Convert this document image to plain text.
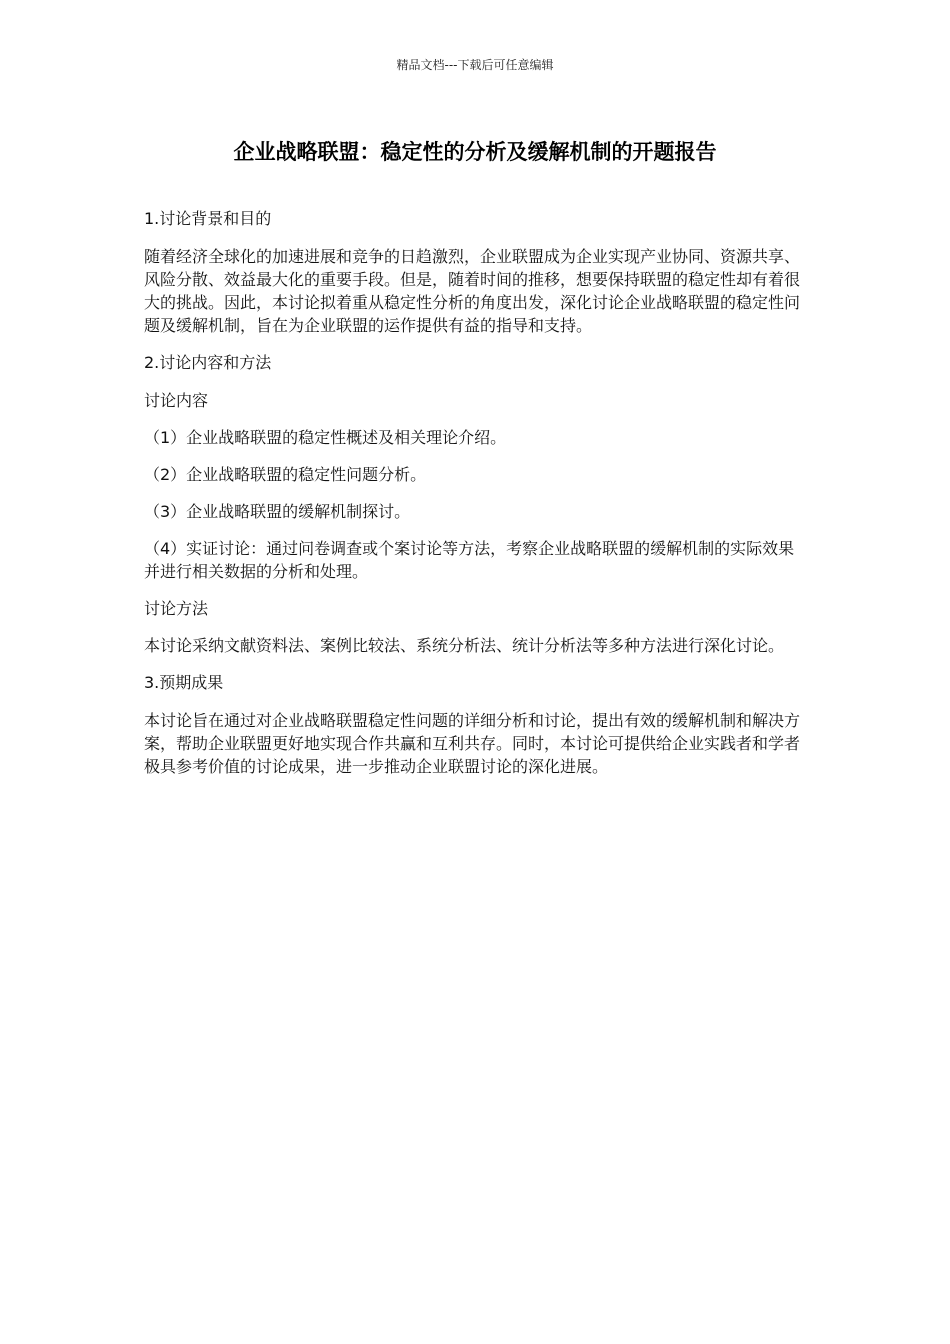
精品文档---下载后可任意编辑
企业战略联盟：稳定性的分析及缓解机制的开题报告

1.讨论背景和目的

随着经济全球化的加速进展和竞争的日趋激烈，企业联盟成为企业实现产业协同、资源共享、风险分散、效益最大化的重要手段。但是，随着时间的推移，想要保持联盟的稳定性却有着很大的挑战。因此，本讨论拟着重从稳定性分析的角度出发，深化讨论企业战略联盟的稳定性问题及缓解机制，旨在为企业联盟的运作提供有益的指导和支持。

2.讨论内容和方法

讨论内容

（1）企业战略联盟的稳定性概述及相关理论介绍。

（2）企业战略联盟的稳定性问题分析。

（3）企业战略联盟的缓解机制探讨。

（4）实证讨论：通过问卷调查或个案讨论等方法，考察企业战略联盟的缓解机制的实际效果并进行相关数据的分析和处理。

讨论方法

本讨论采纳文献资料法、案例比较法、系统分析法、统计分析法等多种方法进行深化讨论。

3.预期成果

本讨论旨在通过对企业战略联盟稳定性问题的详细分析和讨论，提出有效的缓解机制和解决方案，帮助企业联盟更好地实现合作共赢和互利共存。同时，本讨论可提供给企业实践者和学者极具参考价值的讨论成果，进一步推动企业联盟讨论的深化进展。
